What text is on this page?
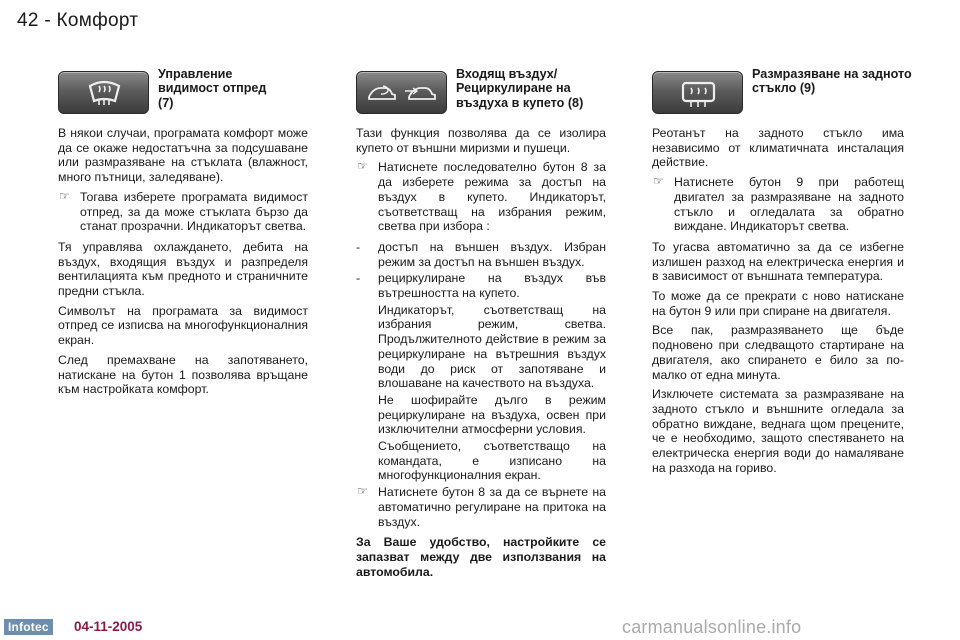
42 - Комфорт
Управление видимост отпред (7)

В някои случаи, програмата комфорт може да се окаже недостатъчна за подсушаване или размразяване на стъклата (влажност, много пътници, заледяване).

☞ Тогава изберете програмата видимост отпред, за да може стъклата бързо да станат прозрачни. Индикаторът светва.

Тя управлява охлаждането, дебита на въздух, входящия въздух и разпределя вентилацията към предното и страничните предни стъкла.

Символът на програмата за видимост отпред се изписва на многофункционалния екран.

След премахване на запотяването, натискане на бутон 1 позволява връщане към настройката комфорт.

Входящ въздух/ Рециркулиране на въздуха в купето (8)

Тази функция позволява да се изолира купето от външни миризми и пушеци.

☞ Натиснете последователно бутон 8 за да изберете режима за достъп на въздух в купето. Индикаторът, съответстващ на избрания режим, светва при избора :

- достъп на външен въздух. Избран режим за достъп на външен въздух.

- рециркулиране на въздух във вътрешността на купето.

Индикаторът, съответстващ на избрания режим, светва. Продължителното действие в режим за рециркулиране на вътрешния въздух води до риск от запотяване и влошаване на качеството на въздуха.

Не шофирайте дълго в режим рециркулиране на въздуха, освен при изключителни атмосферни условия.

Съобщението, съответстващо на командата, е изписано на многофункционалния екран.

☞ Натиснете бутон 8 за да се върнете на автоматично регулиране на притока на въздух.

За Ваше удобство, настройките се запазват между две използвания на автомобила.

Размразяване на задното стъкло (9)

Реотанът на задното стъкло има независимо от климатичната инсталация действие.

☞ Натиснете бутон 9 при работещ двигател за размразяване на задното стъкло и огледалата за обратно виждане. Индикаторът светва.

То угасва автоматично за да се избегне излишен разход на електрическа енергия и в зависимост от външната температура.

То може да се прекрати с ново натискане на бутон 9 или при спиране на двигателя.

Все пак, размразяването ще бъде подновено при следващото стартиране на двигателя, ако спирането е било за по-малко от една минута.

Изключете системата за размразяване на задното стъкло и външните огледала за обратно виждане, веднага щом прецените, че е необходимо, защото спестяването на електрическа енергия води до намаляване на разхода на гориво.

Infotec 04-11-2005	carmanualsonline.info
